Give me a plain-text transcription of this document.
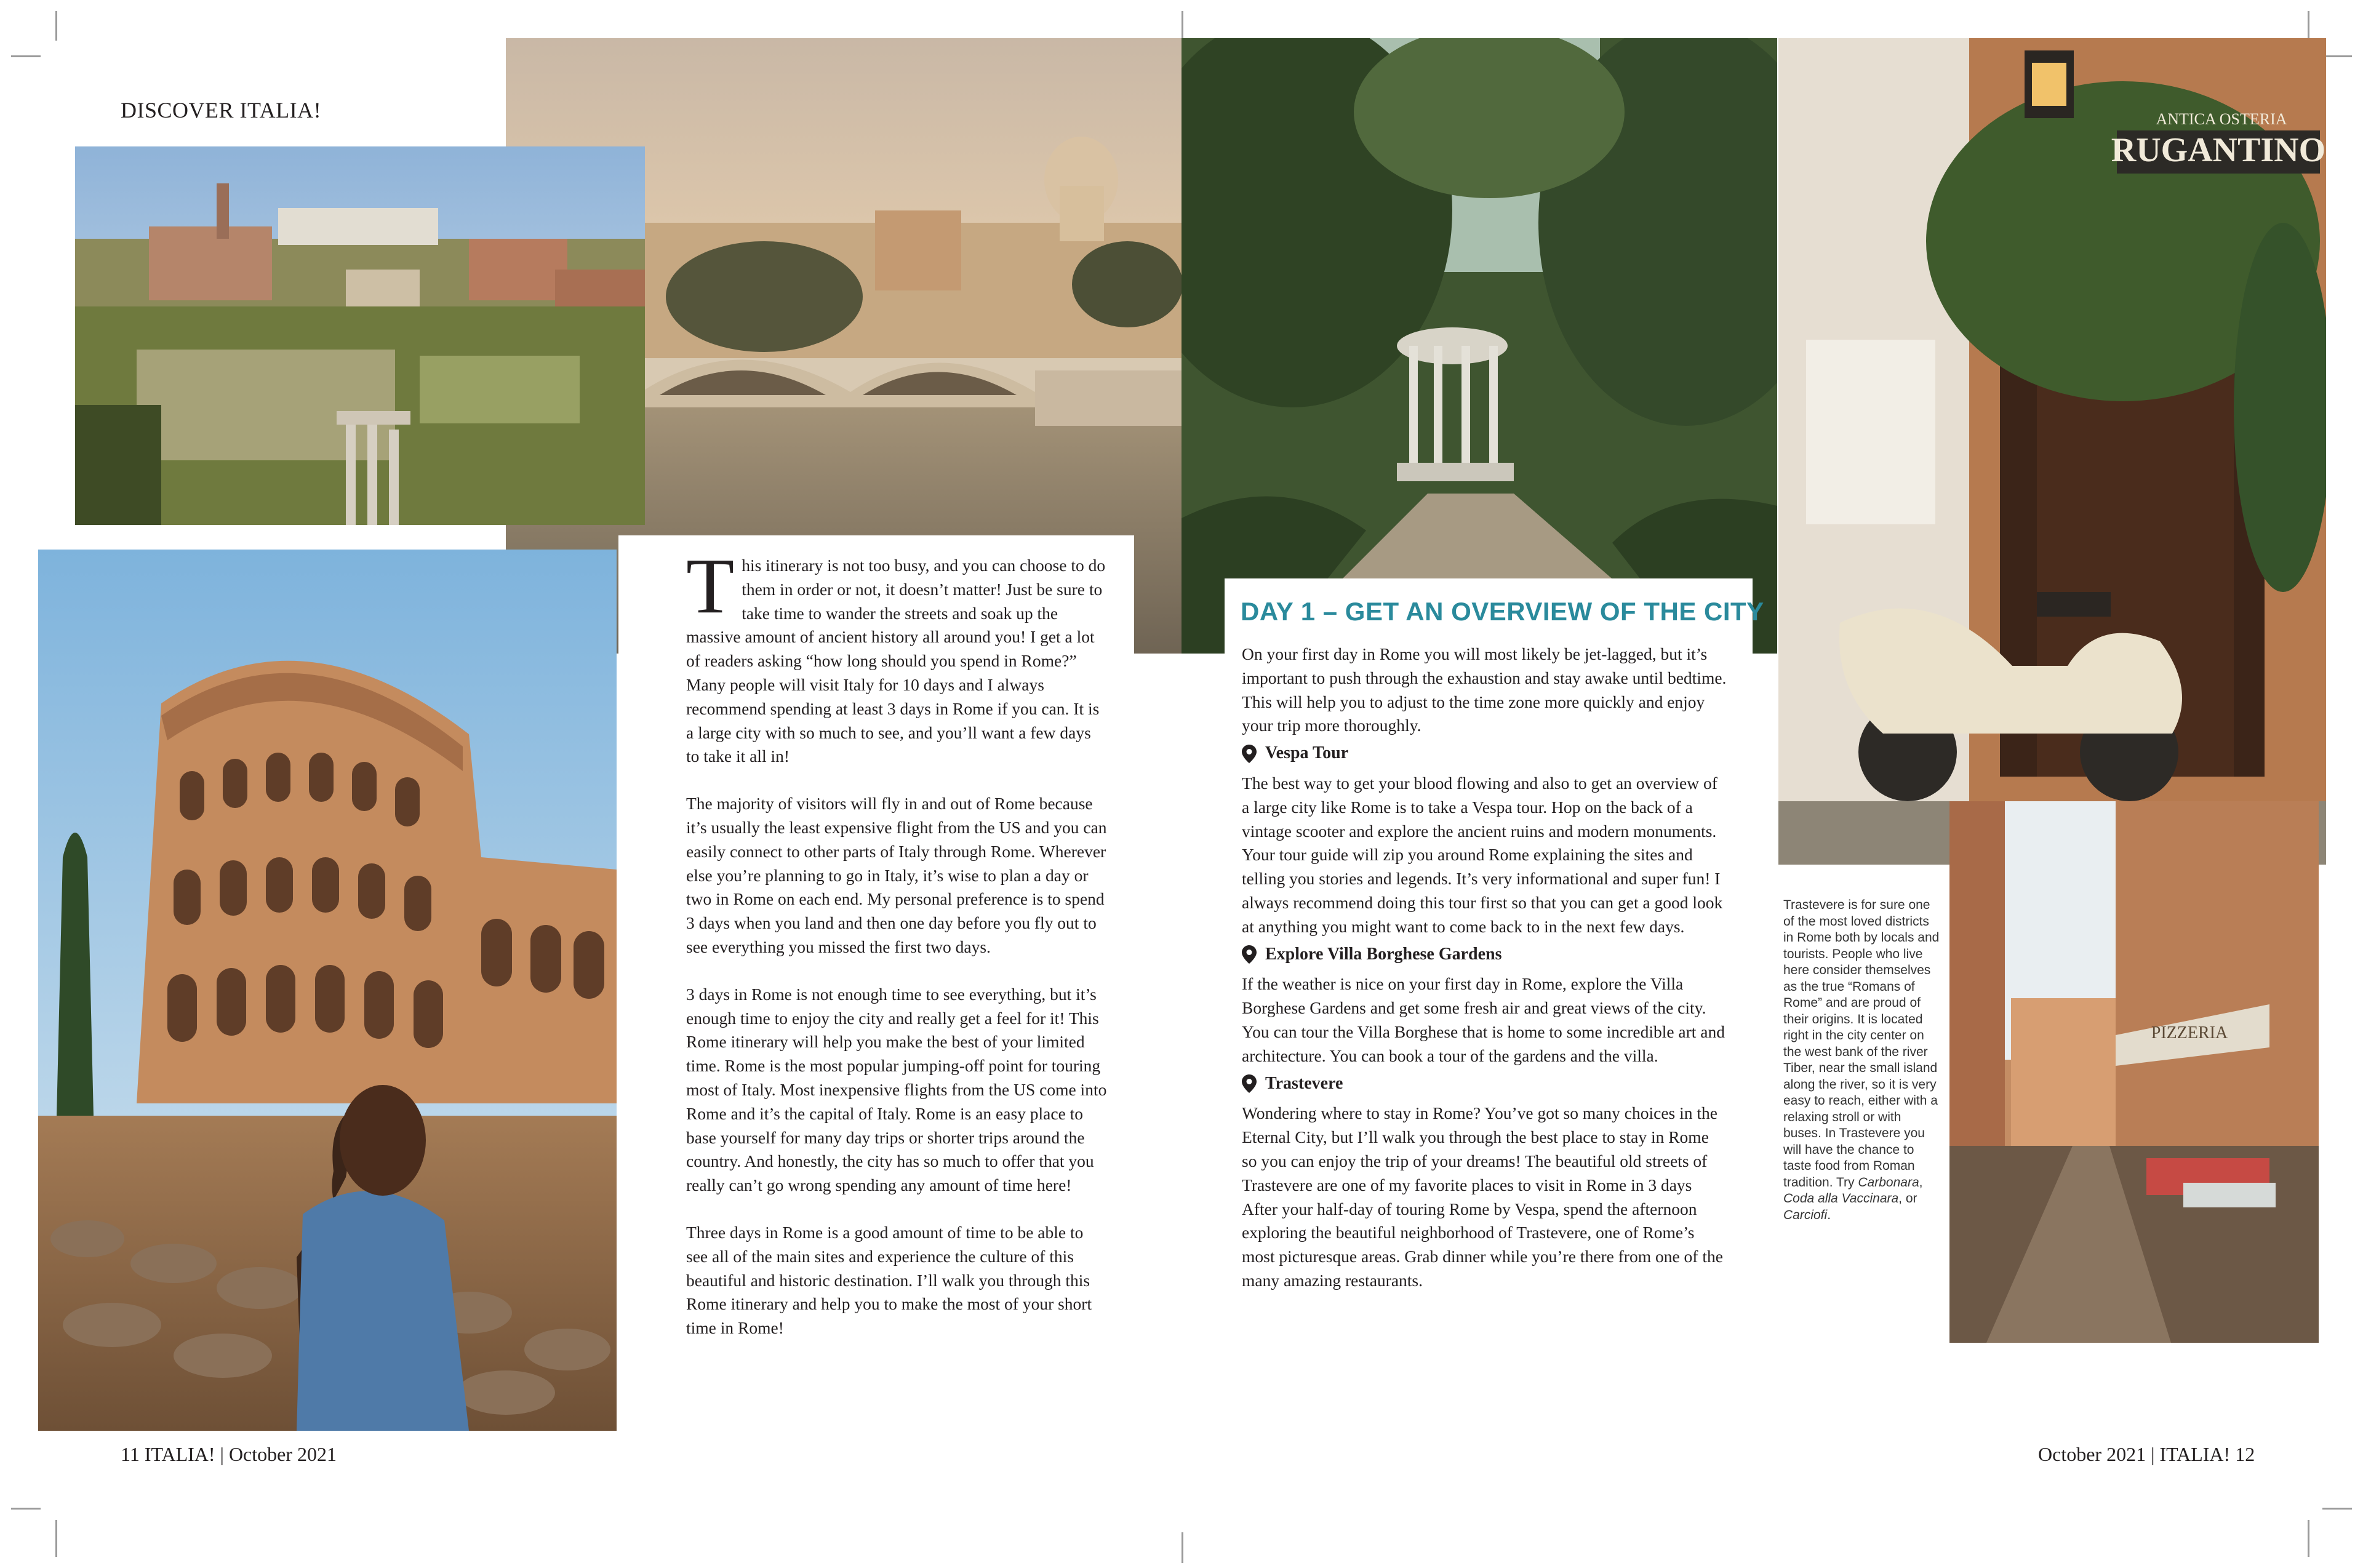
DISCOVER ITALIA!	ANTICA OSTERIA
RUGANTINO
PIZZERIA

This itinerary is not too busy, and you can choose to do them in order or not, it doesn’t matter! Just be sure to take time to wander the streets and soak up the massive amount of ancient history all around you! I get a lot of readers asking “how long should you spend in Rome?” Many people will visit Italy for 10 days and I always recommend spending at least 3 days in Rome if you can. It is a large city with so much to see, and you’ll want a few days to take it all in!

The majority of visitors will fly in and out of Rome because it’s usually the least expensive flight from the US and you can easily connect to other parts of Italy through Rome. Wherever else you’re planning to go in Italy, it’s wise to plan a day or two in Rome on each end. My personal preference is to spend 3 days when you land and then one day before you fly out to see everything you missed the first two days.

3 days in Rome is not enough time to see everything, but it’s enough time to enjoy the city and really get a feel for it! This Rome itinerary will help you make the best of your limited time. Rome is the most popular jumping-off point for touring most of Italy. Most inexpensive flights from the US come into Rome and it’s the capital of Italy. Rome is an easy place to base yourself for many day trips or shorter trips around the country. And honestly, the city has so much to offer that you really can’t go wrong spending any amount of time here!

Three days in Rome is a good amount of time to be able to see all of the main sites and experience the culture of this beautiful and historic destination. I’ll walk you through this Rome itinerary and help you to make the most of your short time in Rome!

DAY 1 – GET AN OVERVIEW OF THE CITY

On your first day in Rome you will most likely be jet-lagged, but it’s important to push through the exhaustion and stay awake until bedtime. This will help you to adjust to the time zone more quickly and enjoy your trip more thoroughly.

Vespa Tour

The best way to get your blood flowing and also to get an overview of a large city like Rome is to take a Vespa tour. Hop on the back of a vintage scooter and explore the ancient ruins and modern monuments. Your tour guide will zip you around Rome explaining the sites and telling you stories and legends. It’s very informational and super fun! I always recommend doing this tour first so that you can get a good look at anything you might want to come back to in the next few days.

Explore Villa Borghese Gardens

If the weather is nice on your first day in Rome, explore the Villa Borghese Gardens and get some fresh air and great views of the city. You can tour the Villa Borghese that is home to some incredible art and architecture. You can book a tour of the gardens and the villa.

Trastevere

Wondering where to stay in Rome? You’ve got so many choices in the Eternal City, but I’ll walk you through the best place to stay in Rome so you can enjoy the trip of your dreams! The beautiful old streets of Trastevere are one of my favorite places to visit in Rome in 3 days After your half-day of touring Rome by Vespa, spend the afternoon exploring the beautiful neighborhood of Trastevere, one of Rome’s most picturesque areas. Grab dinner while you’re there from one of the many amazing restaurants.

Trastevere is for sure one of the most loved districts in Rome both by locals and tourists. People who live here consider themselves as the true “Romans of Rome” and are proud of their origins. It is located right in the city center on the west bank of the river Tiber, near the small island along the river, so it is very easy to reach, either with a relaxing stroll or with buses. In Trastevere you will have the chance to taste food from Roman tradition. Try Carbonara, Coda alla Vaccinara, or Carciofi.
11 ITALIA! | October 2021	October 2021 | ITALIA! 12
